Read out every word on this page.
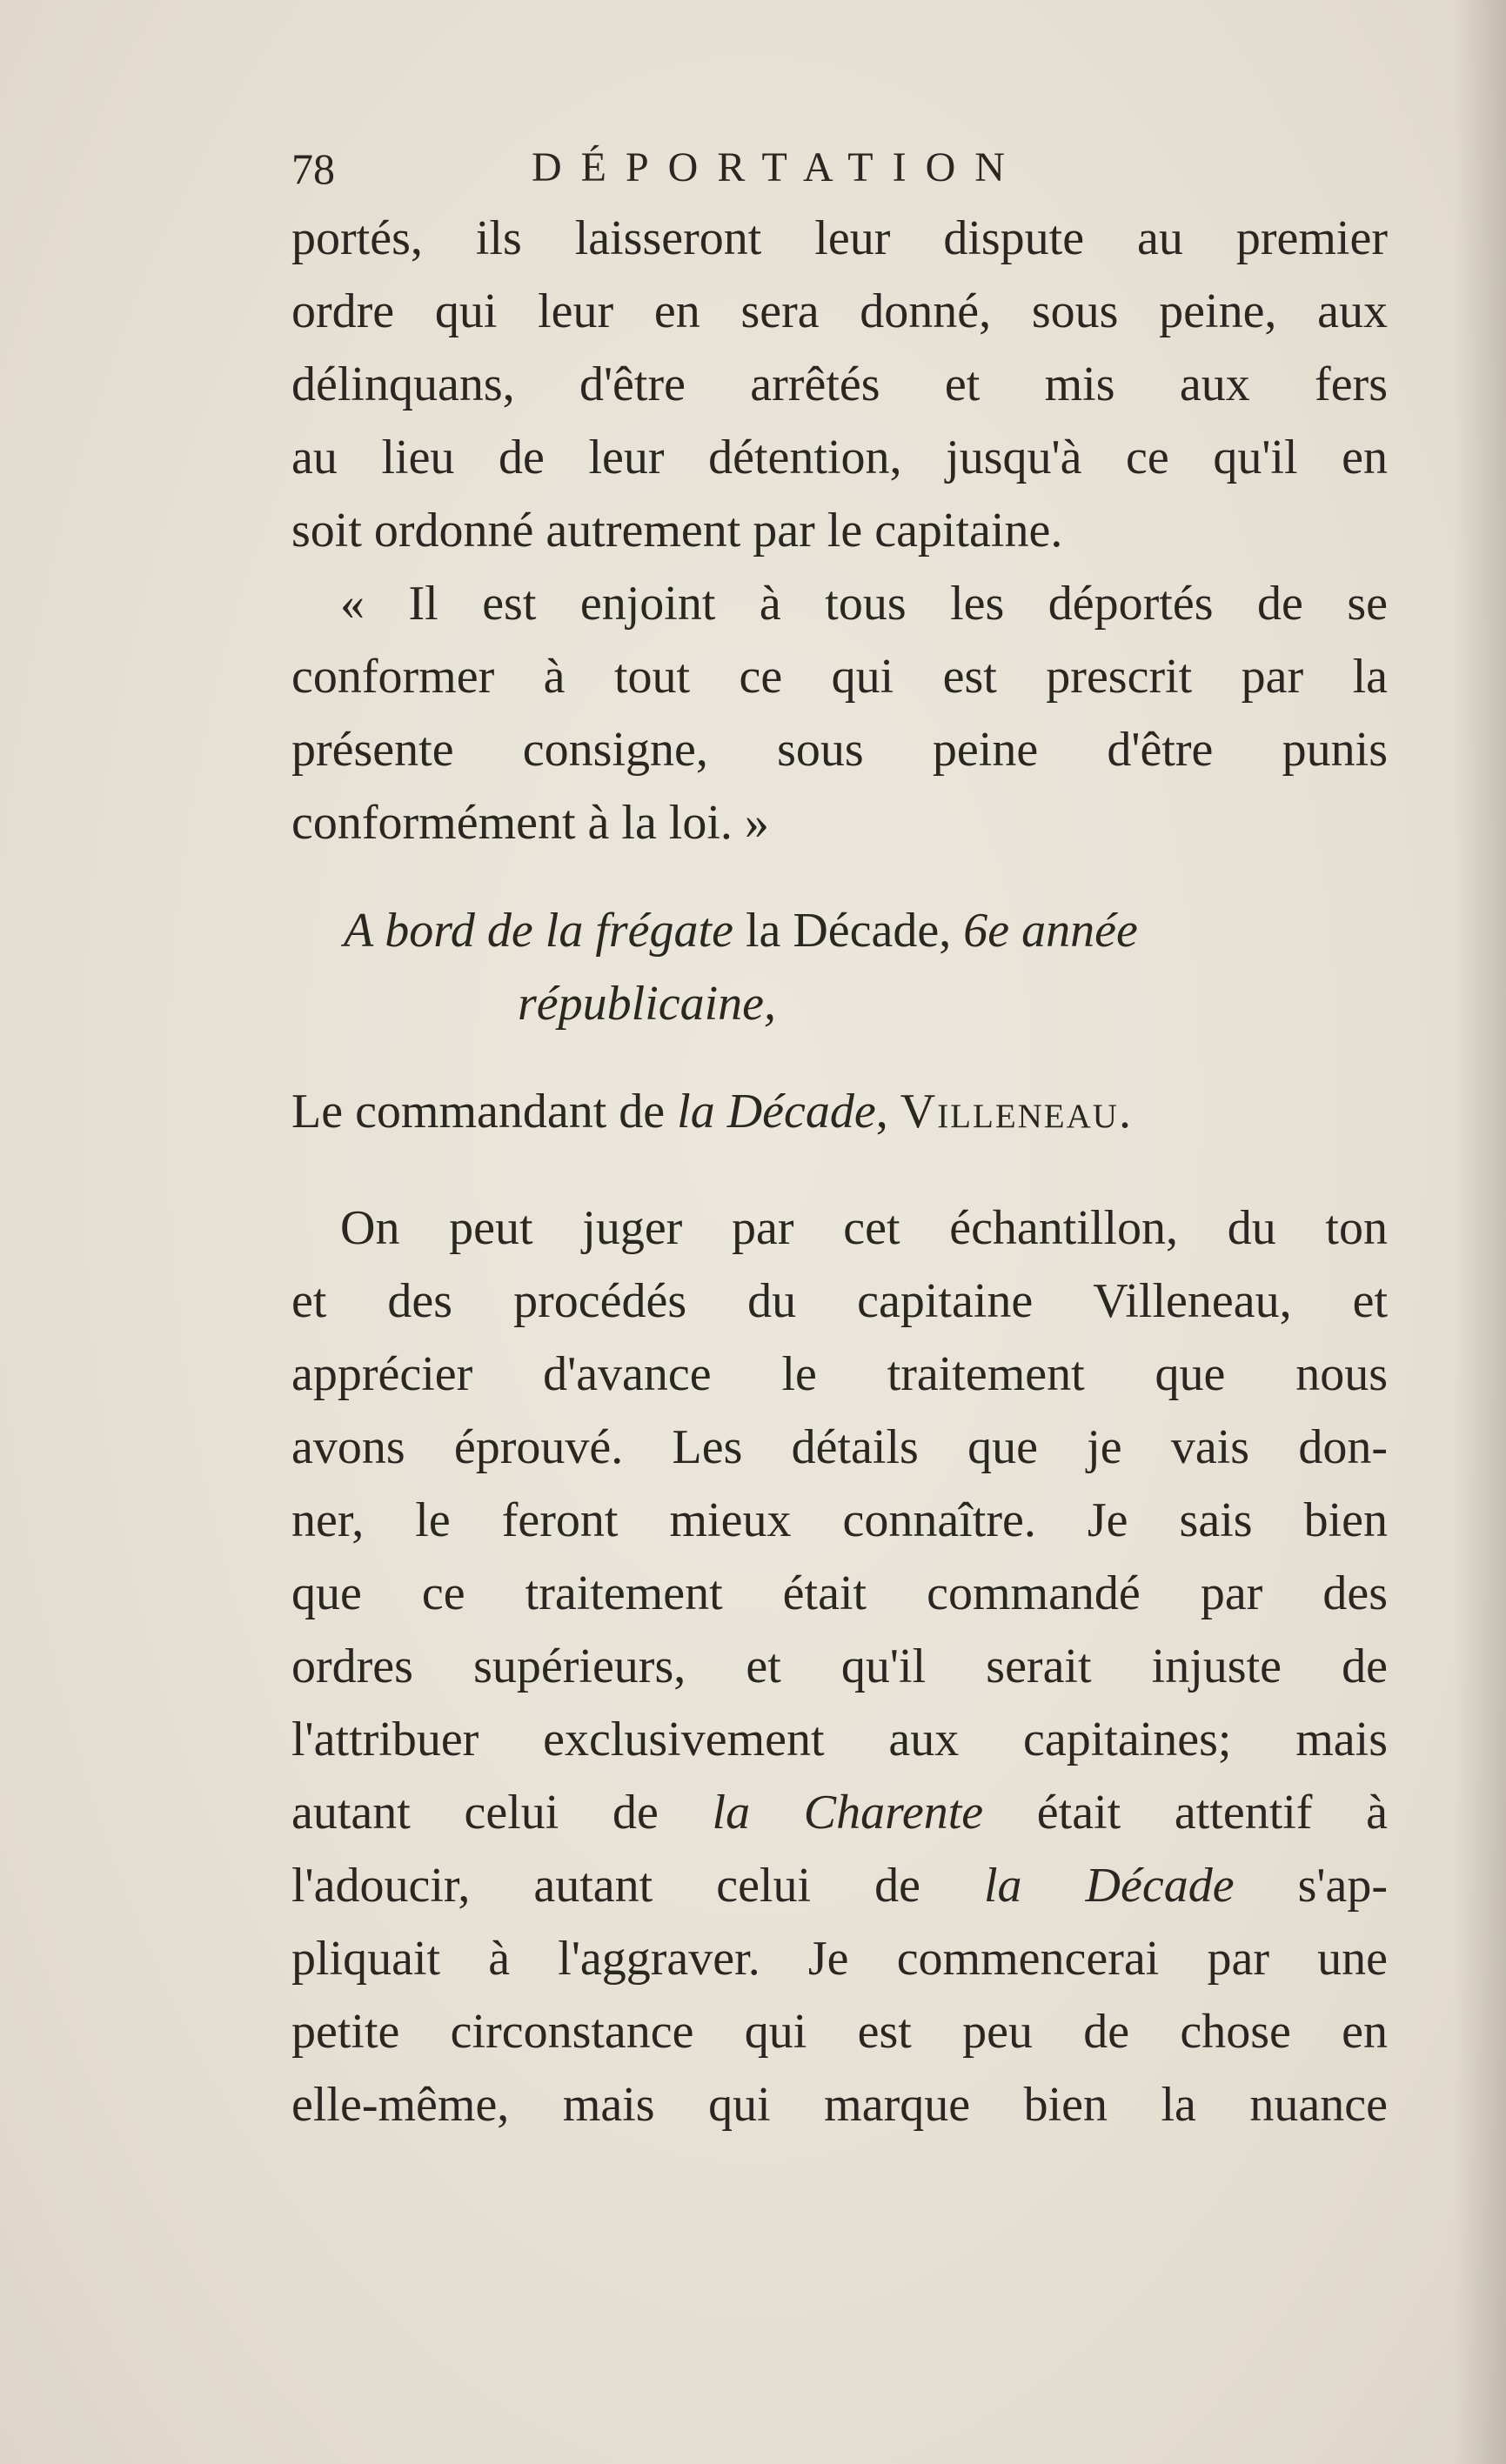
78	DÉPORTATION
portés, ils laisseront leur dispute au premier
ordre qui leur en sera donné, sous peine, aux
délinquans, d'être arrêtés et mis aux fers
au lieu de leur détention, jusqu'à ce qu'il en
soit ordonné autrement par le capitaine.
« Il est enjoint à tous les déportés de se
conformer à tout ce qui est prescrit par la
présente consigne, sous peine d'être punis
conformément à la loi. »
A bord de la frégate la Décade, 6e année
républicaine,
Le commandant de la Décade, Villeneau.
On peut juger par cet échantillon, du ton
et des procédés du capitaine Villeneau, et
apprécier d'avance le traitement que nous
avons éprouvé. Les détails que je vais don-
ner, le feront mieux connaître. Je sais bien
que ce traitement était commandé par des
ordres supérieurs, et qu'il serait injuste de
l'attribuer exclusivement aux capitaines; mais
autant celui de la Charente était attentif à
l'adoucir, autant celui de la Décade s'ap-
pliquait à l'aggraver. Je commencerai par une
petite circonstance qui est peu de chose en
elle-même, mais qui marque bien la nuance
